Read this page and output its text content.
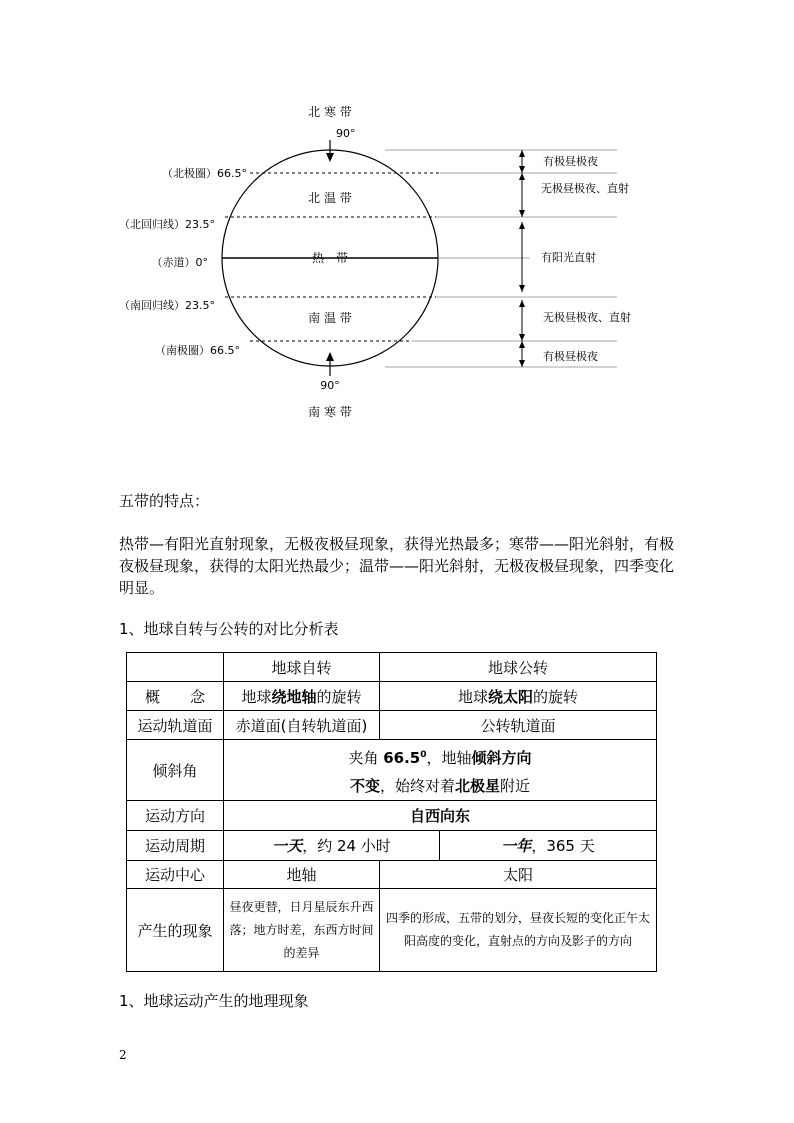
北 寒 带
90°
北 温 带
热　带
南 温 带
90°
南 寒 带
（北极圈）66.5°
（北回归线）23.5°
（赤道）0°
（南回归线）23.5°
（南极圈）66.5°
有极昼极夜
无极昼极夜、直射
有阳光直射
无极昼极夜、直射
有极昼极夜

五带的特点：

热带—有阳光直射现象，无极夜极昼现象，获得光热最多；寒带——阳光斜射，有极夜极昼现象，获得的太阳光热最少；温带——阳光斜射，无极夜极昼现象，四季变化明显。

1、地球自转与公转的对比分析表

	地球自转	地球公转	
概　　念	地球绕地轴的旋转	地球绕太阳的旋转	
运动轨道面	赤道面(自转轨道面)	公转轨道面	
倾斜角	夹角 66.5$^0$，地轴倾斜方向
不变，始终对着北极星附近		
运动方向	自西向东		
运动周期	一天，约 24 小时		一年，365 天
运动中心	地轴	太阳	
产生的现象	昼夜更替，日月星辰东升西落；地方时差，东西方时间的差异	四季的形成，五带的划分，昼夜长短的变化正午太阳高度的变化，直射点的方向及影子的方向	

1、地球运动产生的地理现象

2
